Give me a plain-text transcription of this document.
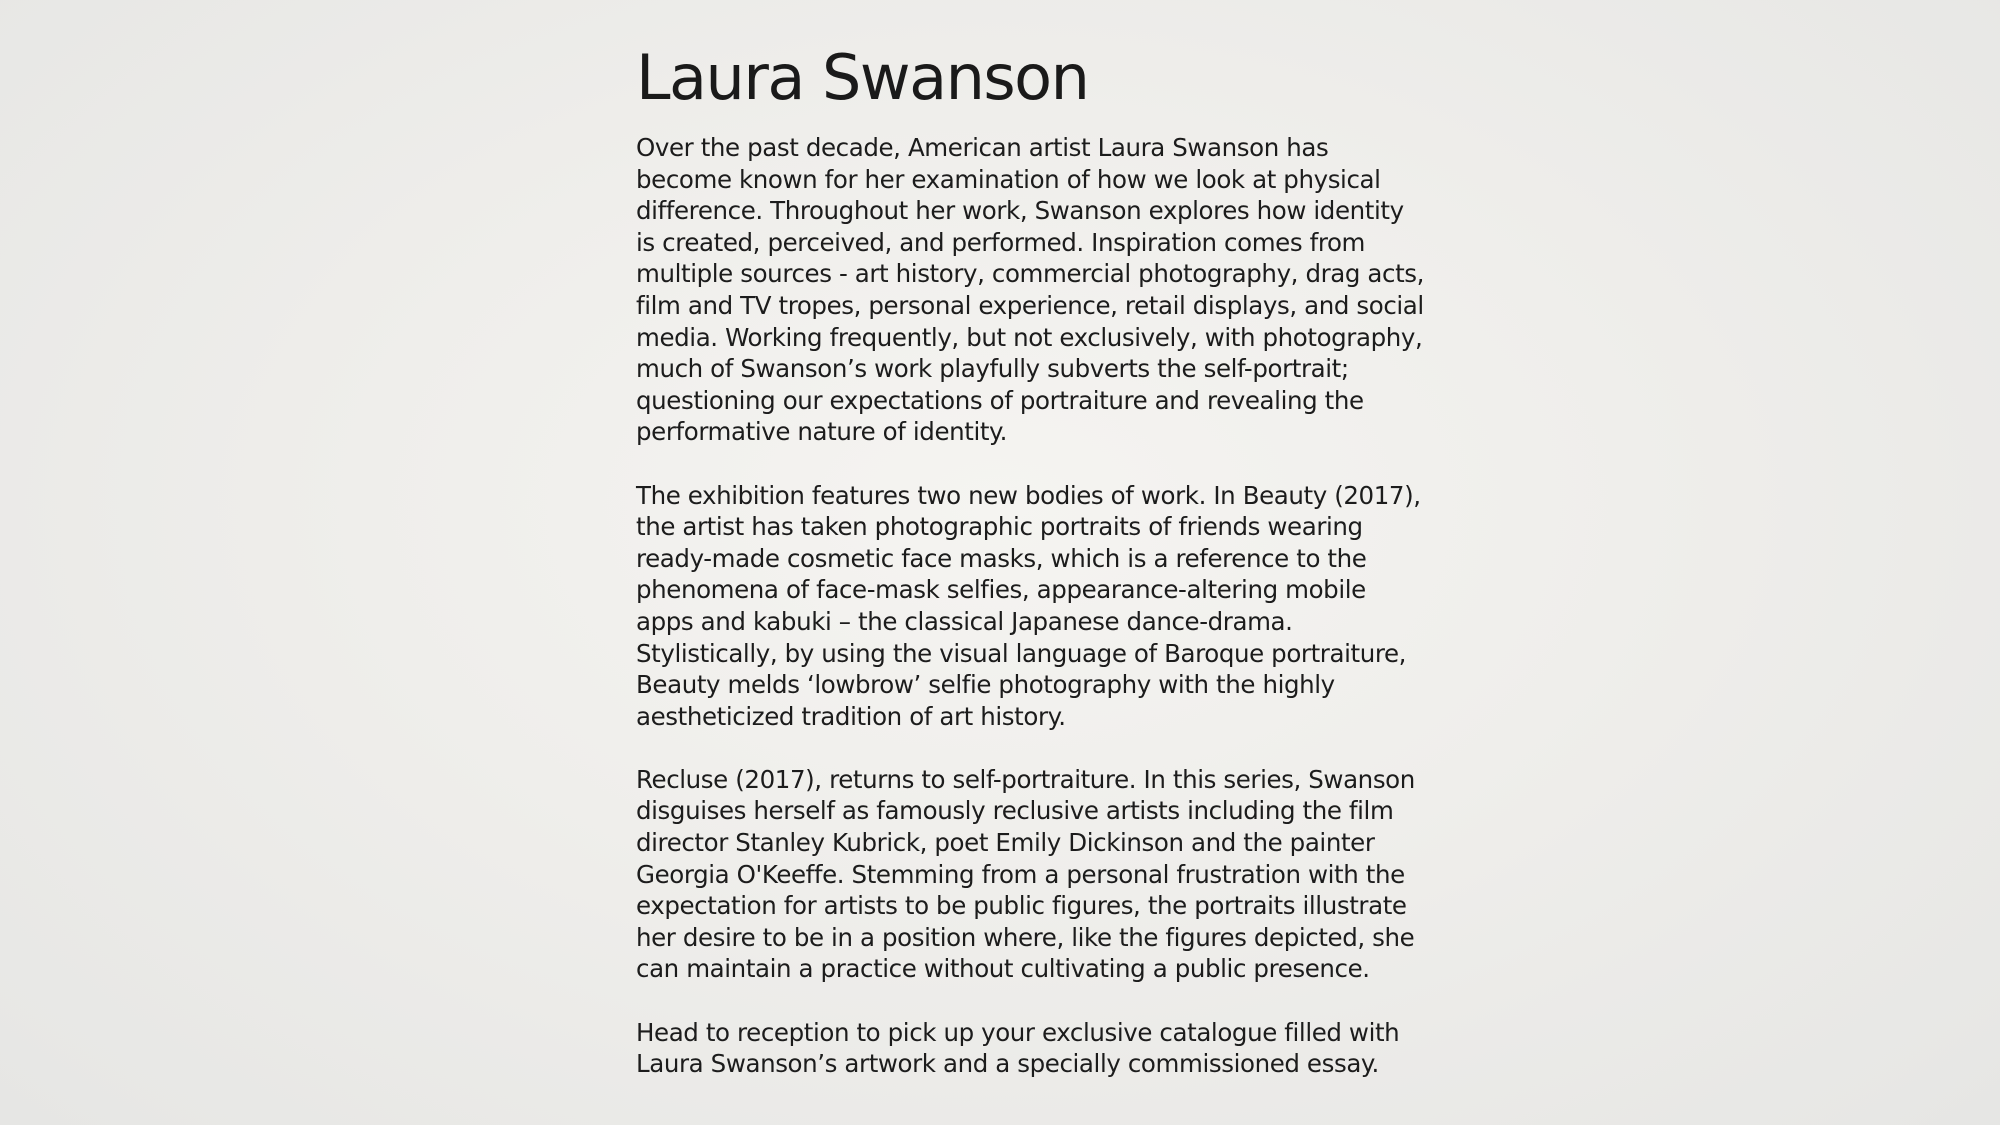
Laura Swanson
Over the past decade, American artist Laura Swanson has
become known for her examination of how we look at physical
difference. Throughout her work, Swanson explores how identity
is created, perceived, and performed. Inspiration comes from
multiple sources - art history, commercial photography, drag acts,
film and TV tropes, personal experience, retail displays, and social
media. Working frequently, but not exclusively, with photography,
much of Swanson’s work playfully subverts the self-portrait;
questioning our expectations of portraiture and revealing the
performative nature of identity.
The exhibition features two new bodies of work. In Beauty (2017),
the artist has taken photographic portraits of friends wearing
ready-made cosmetic face masks, which is a reference to the
phenomena of face-mask selfies, appearance-altering mobile
apps and kabuki – the classical Japanese dance-drama.
Stylistically, by using the visual language of Baroque portraiture,
Beauty melds ‘lowbrow’ selfie photography with the highly
aestheticized tradition of art history.
Recluse (2017), returns to self-portraiture. In this series, Swanson
disguises herself as famously reclusive artists including the film
director Stanley Kubrick, poet Emily Dickinson and the painter
Georgia O'Keeffe. Stemming from a personal frustration with the
expectation for artists to be public figures, the portraits illustrate
her desire to be in a position where, like the figures depicted, she
can maintain a practice without cultivating a public presence.
Head to reception to pick up your exclusive catalogue filled with
Laura Swanson’s artwork and a specially commissioned essay.
